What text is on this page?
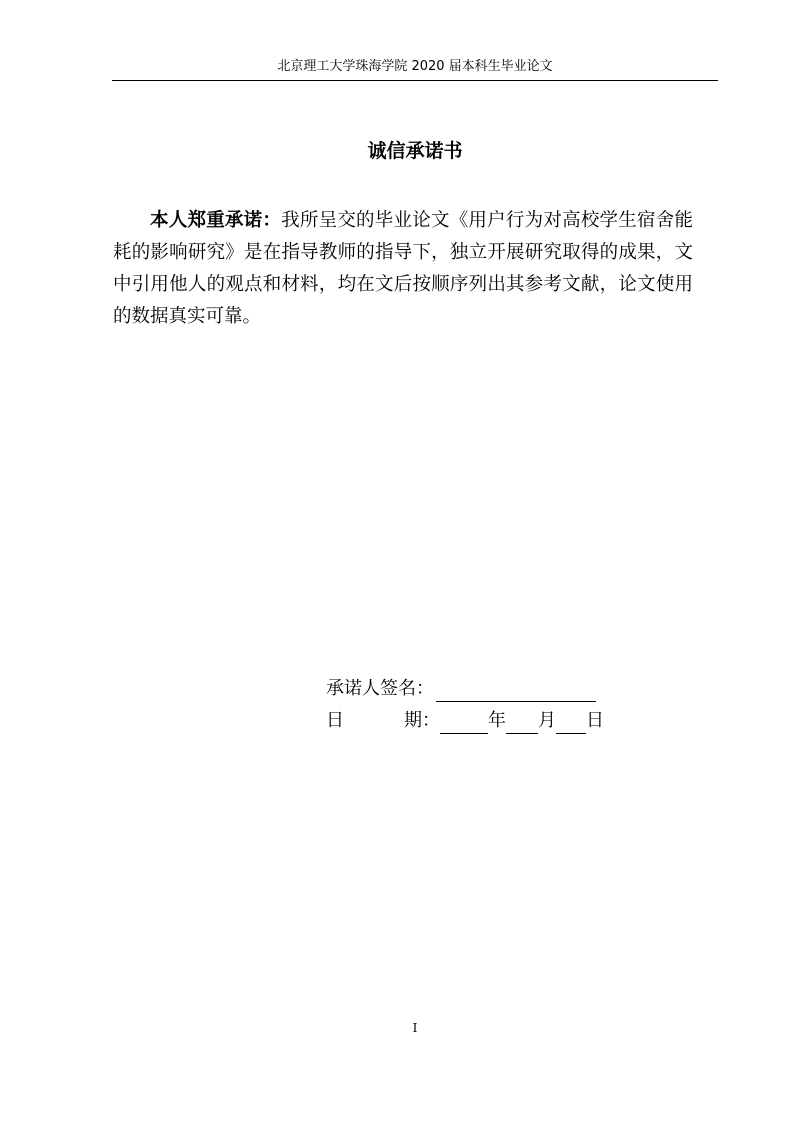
北京理工大学珠海学院 2020 届本科生毕业论文
诚信承诺书

本人郑重承诺：我所呈交的毕业论文《用户行为对高校学生宿舍能耗的影响研究》是在指导教师的指导下，独立开展研究取得的成果，文中引用他人的观点和材料，均在文后按顺序列出其参考文献，论文使用的数据真实可靠。

承诺人签名：
日	期：	年 月 日
I
